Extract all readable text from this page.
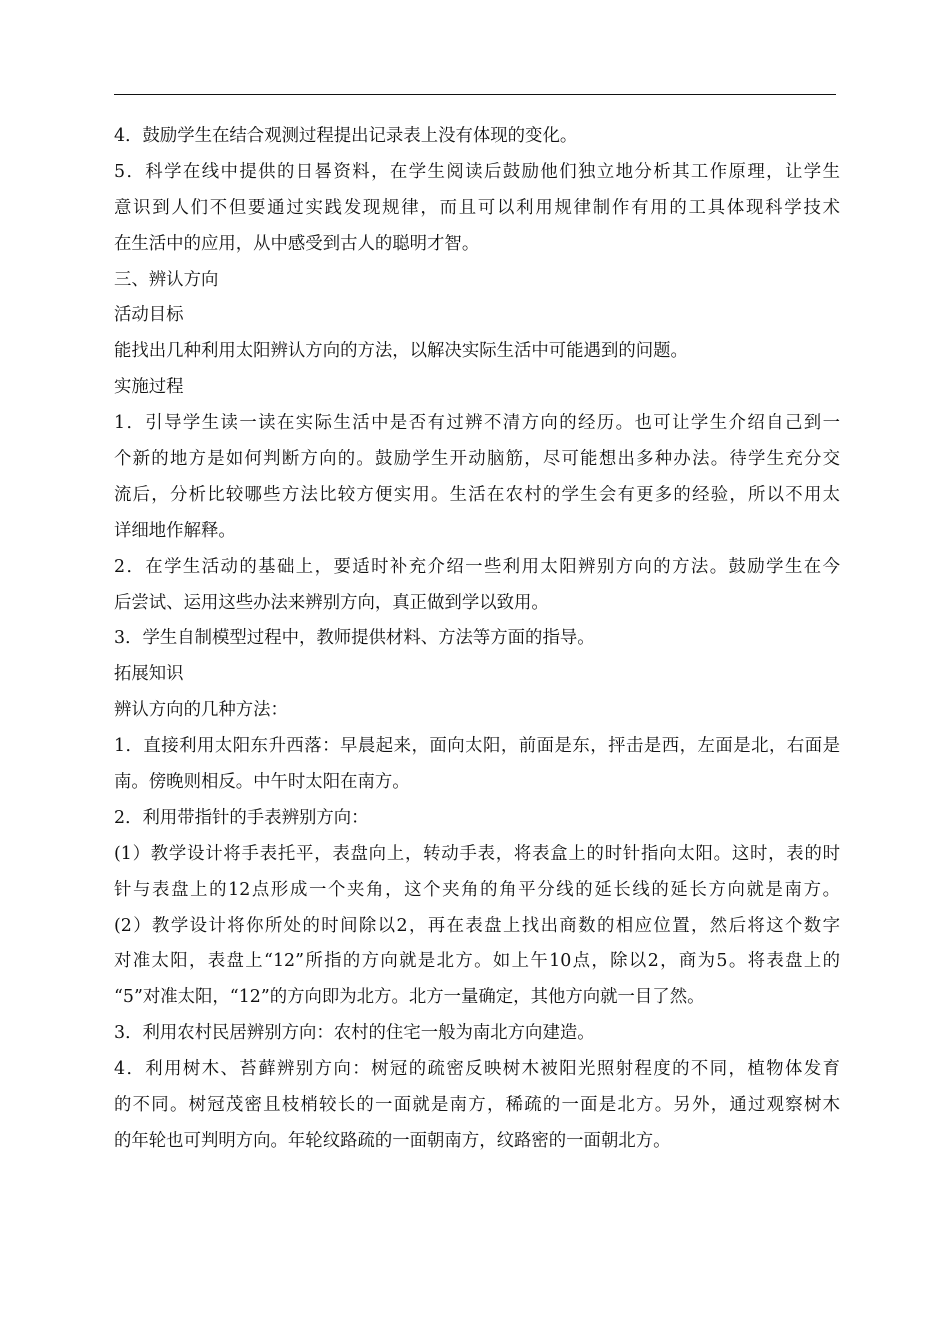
4．鼓励学生在结合观测过程提出记录表上没有体现的变化。
5．科学在线中提供的日晷资料，在学生阅读后鼓励他们独立地分析其工作原理，让学生
意识到人们不但要通过实践发现规律，而且可以利用规律制作有用的工具体现科学技术
在生活中的应用，从中感受到古人的聪明才智。
三、辨认方向
活动目标
能找出几种利用太阳辨认方向的方法，以解决实际生活中可能遇到的问题。
实施过程
1．引导学生读一读在实际生活中是否有过辨不清方向的经历。也可让学生介绍自己到一
个新的地方是如何判断方向的。鼓励学生开动脑筋，尽可能想出多种办法。待学生充分交
流后，分析比较哪些方法比较方便实用。生活在农村的学生会有更多的经验，所以不用太
详细地作解释。
2．在学生活动的基础上，要适时补充介绍一些利用太阳辨别方向的方法。鼓励学生在今
后尝试、运用这些办法来辨别方向，真正做到学以致用。
3．学生自制模型过程中，教师提供材料、方法等方面的指导。
拓展知识
辨认方向的几种方法：
1．直接利用太阳东升西落：早晨起来，面向太阳，前面是东，抨击是西，左面是北，右面是
南。傍晚则相反。中午时太阳在南方。
2．利用带指针的手表辨别方向：
(1）教学设计将手表托平，表盘向上，转动手表，将表盒上的时针指向太阳。这时，表的时
针与表盘上的12点形成一个夹角，这个夹角的角平分线的延长线的延长方向就是南方。
(2）教学设计将你所处的时间除以2，再在表盘上找出商数的相应位置，然后将这个数字
对准太阳，表盘上“12”所指的方向就是北方。如上午10点，除以2，商为5。将表盘上的
“5”对准太阳，“12”的方向即为北方。北方一量确定，其他方向就一目了然。
3．利用农村民居辨别方向：农村的住宅一般为南北方向建造。
4．利用树木、苔藓辨别方向：树冠的疏密反映树木被阳光照射程度的不同，植物体发育
的不同。树冠茂密且枝梢较长的一面就是南方，稀疏的一面是北方。另外，通过观察树木
的年轮也可判明方向。年轮纹路疏的一面朝南方，纹路密的一面朝北方。
